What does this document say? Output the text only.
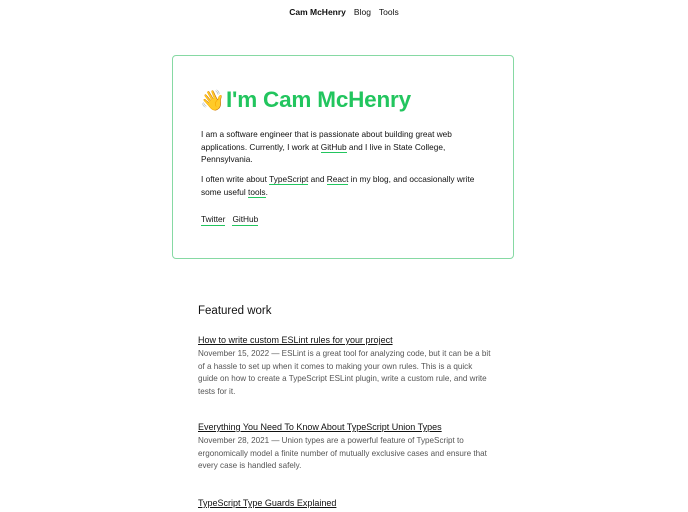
Cam McHenry Blog Tools
👋I'm Cam McHenry

I am a software engineer that is passionate about building great web applications. Currently, I work at GitHub and I live in State College, Pennsylvania.

I often write about TypeScript and React in my blog, and occasionally write some useful tools.

Twitter GitHub
Featured work
How to write custom ESLint rules for your project

November 15, 2022 — ESLint is a great tool for analyzing code, but it can be a bit of a hassle to set up when it comes to making your own rules. This is a quick guide on how to create a TypeScript ESLint plugin, write a custom rule, and write tests for it.

Everything You Need To Know About TypeScript Union Types

November 28, 2021 — Union types are a powerful feature of TypeScript to ergonomically model a finite number of mutually exclusive cases and ensure that every case is handled safely.

TypeScript Type Guards Explained
